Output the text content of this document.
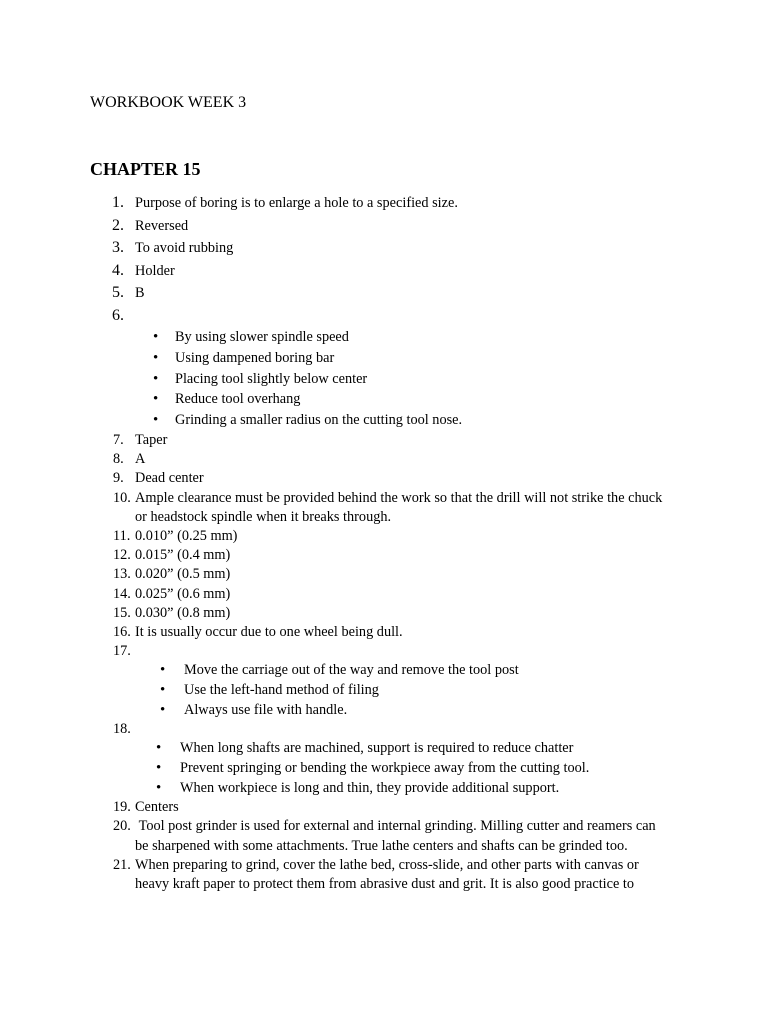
WORKBOOK WEEK 3
CHAPTER 15
1. Purpose of boring is to enlarge a hole to a specified size.
2. Reversed
3. To avoid rubbing
4. Holder
5. B
6.
• By using slower spindle speed
• Using dampened boring bar
• Placing tool slightly below center
• Reduce tool overhang
• Grinding a smaller radius on the cutting tool nose.
7. Taper
8. A
9. Dead center
10. Ample clearance must be provided behind the work so that the drill will not strike the chuck or headstock spindle when it breaks through.
11. 0.010” (0.25 mm)
12. 0.015” (0.4 mm)
13. 0.020” (0.5 mm)
14. 0.025” (0.6 mm)
15. 0.030” (0.8 mm)
16. It is usually occur due to one wheel being dull.
17.
• Move the carriage out of the way and remove the tool post
• Use the left-hand method of filing
• Always use file with handle.
18.
• When long shafts are machined, support is required to reduce chatter
• Prevent springing or bending the workpiece away from the cutting tool.
• When workpiece is long and thin, they provide additional support.
19. Centers
20. Tool post grinder is used for external and internal grinding. Milling cutter and reamers can be sharpened with some attachments. True lathe centers and shafts can be grinded too.
21. When preparing to grind, cover the lathe bed, cross-slide, and other parts with canvas or heavy kraft paper to protect them from abrasive dust and grit. It is also good practice to
